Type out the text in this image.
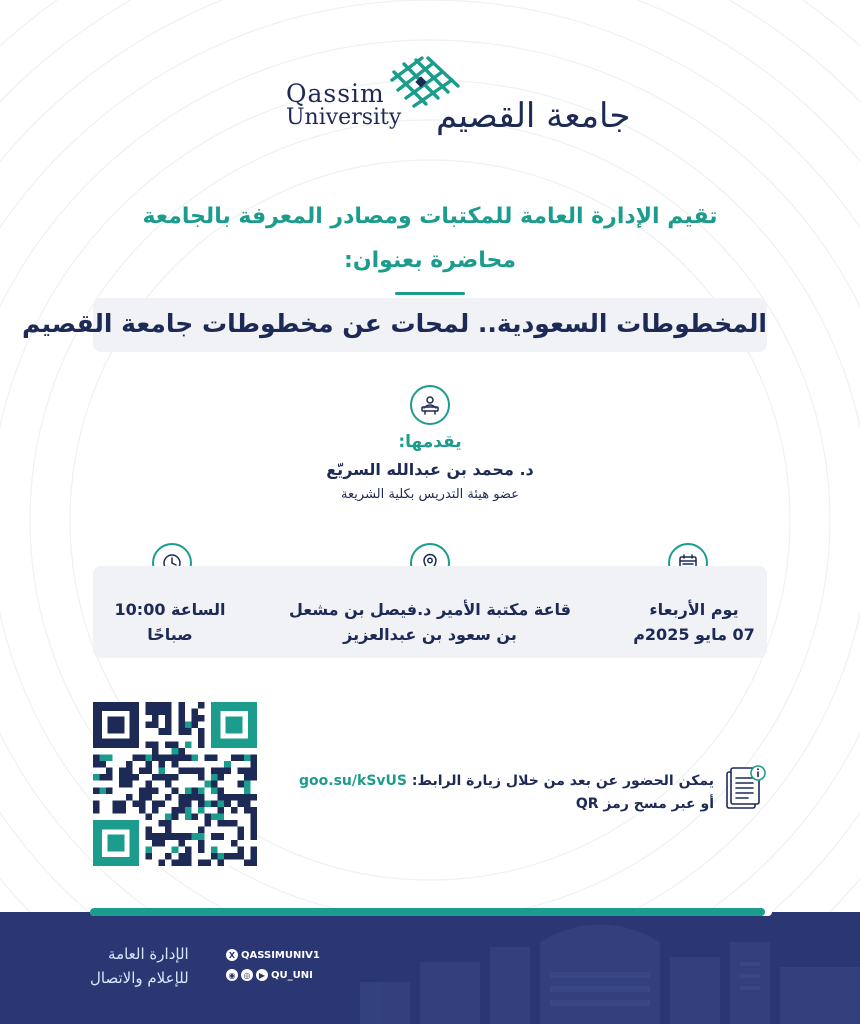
Qassim
University جامعة القصيم
تقيم الإدارة العامة للمكتبات ومصادر المعرفة بالجامعة
محاضرة بعنوان:
المخطوطات السعودية.. لمحات عن مخطوطات جامعة القصيم
يقدمها:
د. محمد بن عبدالله السريّع
عضو هيئة التدريس بكلية الشريعة
يوم الأربعاء
07 مايو 2025م
قاعة مكتبة الأمير د.فيصل بن مشعل
بن سعود بن عبدالعزيز
الساعة 10:00
صباحًا
يمكن الحضور عن بعد من خلال زيارة الرابط: goo.su/kSvUS
أو عبر مسح رمز QR
الإدارة العامة
للإعلام والاتصال
X QASSIMUNIV1
◉	◎	▶ QU_UNI
